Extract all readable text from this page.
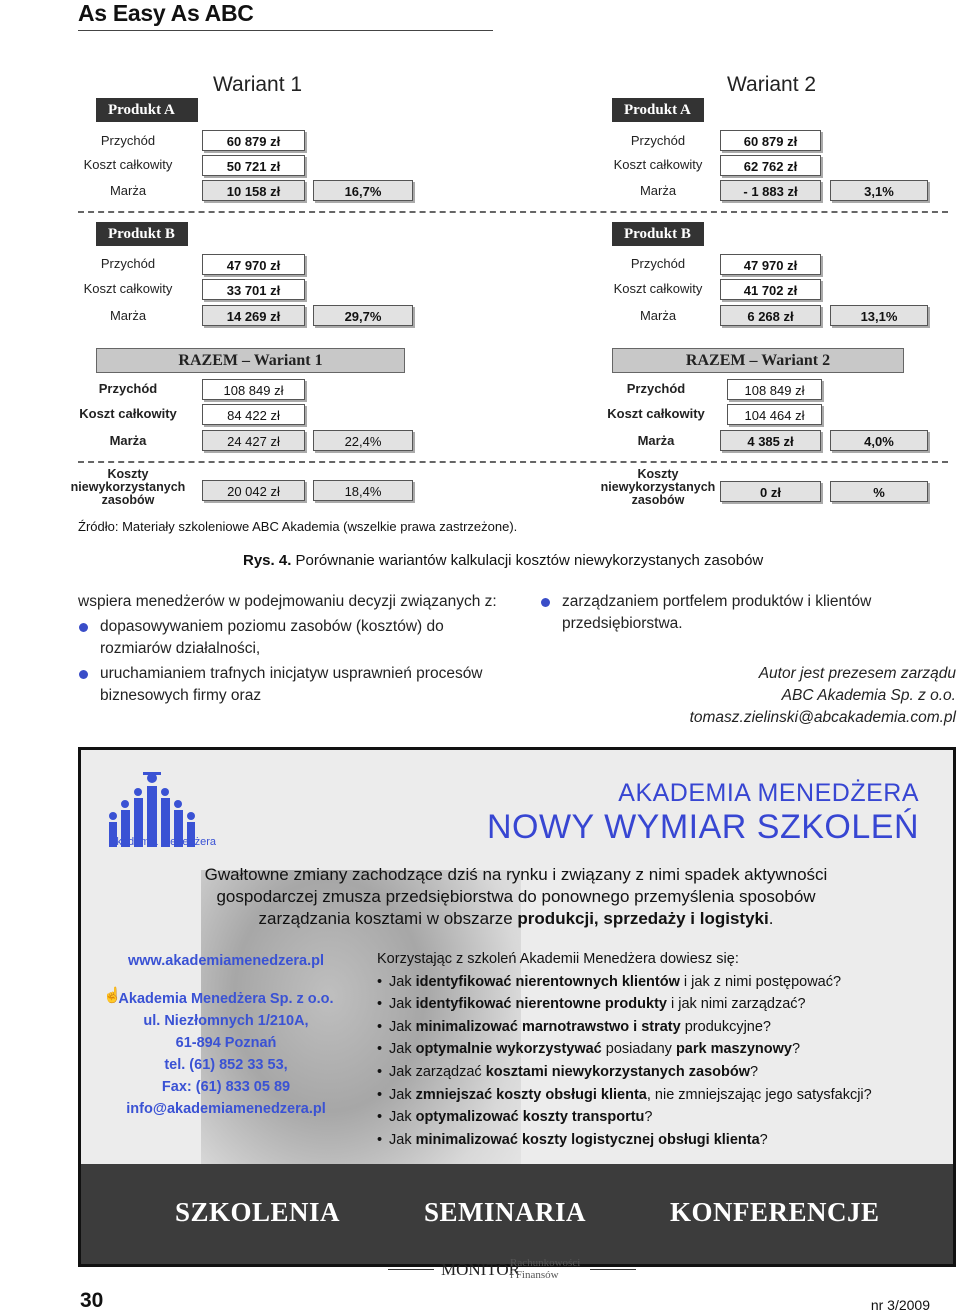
As Easy As ABC
Wariant 1	Wariant 2
Produkt A
Przychód	60 879 zł
Koszt całkowity	50 721 zł
Marża	10 158 zł	16,7%
Produkt A
Przychód	60 879 zł
Koszt całkowity	62 762 zł
Marża	- 1 883 zł	3,1%
Produkt B
Przychód	47 970 zł
Koszt całkowity	33 701 zł
Marża	14 269 zł	29,7%
Produkt B
Przychód	47 970 zł
Koszt całkowity	41 702 zł
Marża	6 268 zł	13,1%
RAZEM – Wariant 1
Przychód	108 849 zł
Koszt całkowity	84 422 zł
Marża	24 427 zł	22,4%
RAZEM – Wariant 2
Przychód	108 849 zł
Koszt całkowity	104 464 zł
Marża	4 385 zł	4,0%
Koszty niewykorzystanych zasobów
20 042 zł	18,4%
Koszty niewykorzystanych zasobów	0 zł	%
Źródło: Materiały szkoleniowe ABC Akademia (wszelkie prawa zastrzeżone).
Rys. 4. Porównanie wariantów kalkulacji kosztów niewykorzystanych zasobów
wspiera menedżerów w podejmowaniu decyzji związanych z:
dopasowywaniem poziomu zasobów (kosztów) do rozmiarów działalności,
uruchamianiem trafnych inicjatyw usprawnień procesów biznesowych firmy oraz
zarządzaniem portfelem produktów i klientów przedsiębiorstwa.
Autor jest prezesem zarządu
ABC Akademia Sp. z o.o.
tomasz.zielinski@abcakademia.com.pl
Akademia Menedżera
AKADEMIA MENEDŻERA
NOWY WYMIAR SZKOLEŃ
Gwałtowne zmiany zachodzące dziś na rynku i związany z nimi spadek aktywności
gospodarczej zmusza przedsiębiorstwa do ponownego przemyślenia sposobów
zarządzania kosztami w obszarze produkcji, sprzedaży i logistyki.
☝
www.akademiamenedzera.pl
Akademia Menedżera Sp. z o.o.
ul. Niezłomnych 1/210A,
61-894 Poznań
tel. (61) 852 33 53,
Fax: (61) 833 05 89
info@akademiamenedzera.pl
Korzystając z szkoleń Akademii Menedżera dowiesz się:
• Jak identyfikować nierentownych klientów i jak z nimi postępować?
• Jak identyfikować nierentowne produkty i jak nimi zarządzać?
• Jak minimalizować marnotrawstwo i straty produkcyjne?
• Jak optymalnie wykorzystywać posiadany park maszynowy?
• Jak zarządzać kosztami niewykorzystanych zasobów?
• Jak zmniejszać koszty obsługi klienta, nie zmniejszając jego satysfakcji?
• Jak optymalizować koszty transportu?
• Jak minimalizować koszty logistycznej obsługi klienta?
SZKOLENIA	SEMINARIA	KONFERENCJE
MONITOR
Rachunkowości
i Finansów
30	nr 3/2009
